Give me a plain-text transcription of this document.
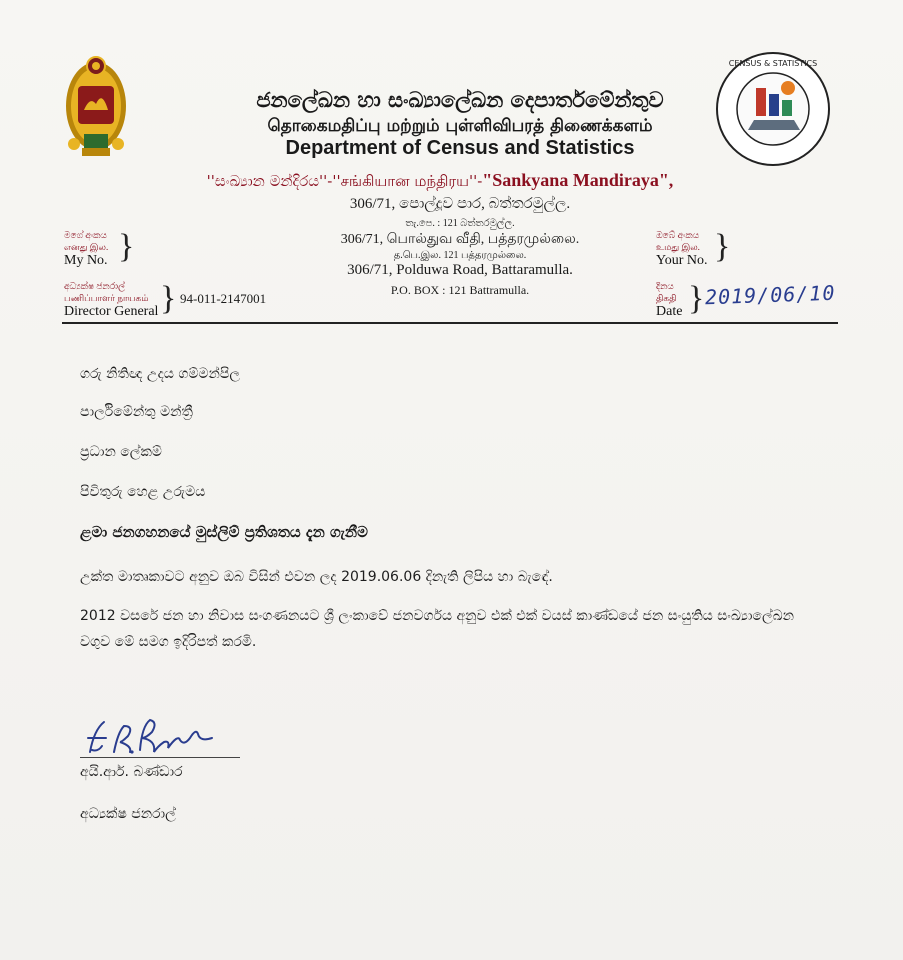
CENSUS & STATISTICS
ජනලේඛන හා සංඛ්‍යාලේඛන දෙපාර්තමේන්තුව
தொகைமதிப்பு மற்றும் புள்ளிவிபரத் திணைக்களம்
Department of Census and Statistics
''සංඛ්‍යාන මන්දිරය''-''சங்கியான மந்திரய''-"Sankyana Mandiraya",
306/71, පොල්දූව පාර, බත්තරමුල්ල.
තැ.පෙ. : 121 බත්තරමුල්ල.
306/71, பொல்துவ வீதி, பத்தரமுல்லை.
த.பெ.இல. 121 பத்தரமுல்லை.
306/71, Polduwa Road, Battaramulla.
P.O. BOX : 121 Battramulla.
මගේ අංකය
எனது இல.
My No. }
අධ්‍යක්ෂ ජනරාල්
பணிப்பாளர் நாயகம்
Director General } 94-011-2147001
ඔබේ අංකය
உமது இல.
Your No. }
දිනය
திகதி
Date } 2019/06/10
ගරු නිතිඥ උදය ගම්මන්පිල
පාර්ලිමේන්තු මන්ත්‍රී
ප්‍රධාන ලේකම්
පිවිතුරු හෙළ උරුමය
ළමා ජනගහනයේ මුස්ලිම් ප්‍රතිශතය දැන ගැනීම
උක්ත මාතෘකාවට අනුව ඔබ විසින් එවන ලද 2019.06.06 දිනැති ලිපිය හා බැඳේ.
2012 වසරේ ජන හා නිවාස සංගණනයට ශ්‍රී ලංකාවේ ජනවර්ගය අනුව එක් එක් වයස් කාණ්ඩයේ ජන සංයුතිය සංඛ්‍යාලේඛන වගුව මේ සමග ඉදිරිපත් කරමි.
අයි.ආර්. බණ්ඩාර
අධ්‍යක්ෂ ජනරාල්
